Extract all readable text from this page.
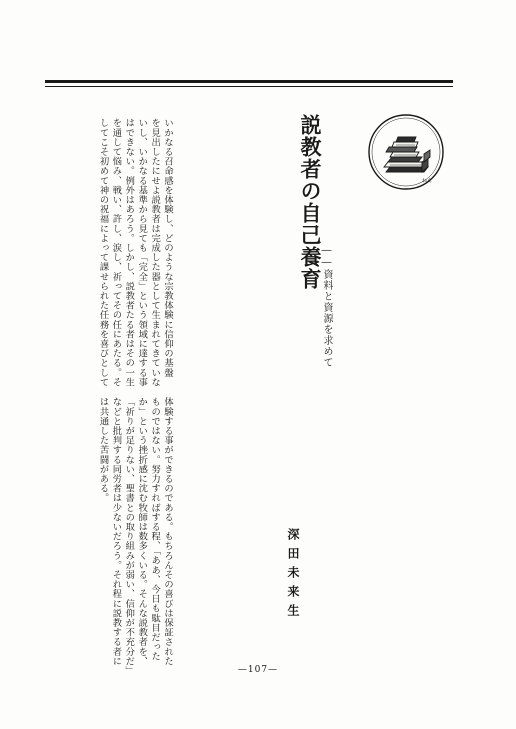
ねん
説教者の自己養育
――資料と資源を求めて
深田未来生
いかなる召命感を体験し、どのような宗教体験に信仰の基盤
を見出したにせよ説教者は完成した器として生まれてきていな
いし、いかなる基準から見ても「完全」という領域に達する事
はできない。例外はあろう。しかし、説教者たる者はその一生
を通して悩み、戦い、許し、涙し、祈ってその任にあたる。そ
してこそ初めて神の祝福によって課せられた任務を喜びとして
体験する事ができるのである。もちろんその喜びは保証された
ものではない。努力すればする程、「ああ、今日も駄目だった
か」という挫折感に沈む牧師は数多くいる。そんな説教者を、
「祈りが足りない、聖書との取り組みが弱い、信仰が不充分だ」
などと批判する同労者は少ないだろう。それ程に説教する者に
は共通した苦闘がある。
—107—
